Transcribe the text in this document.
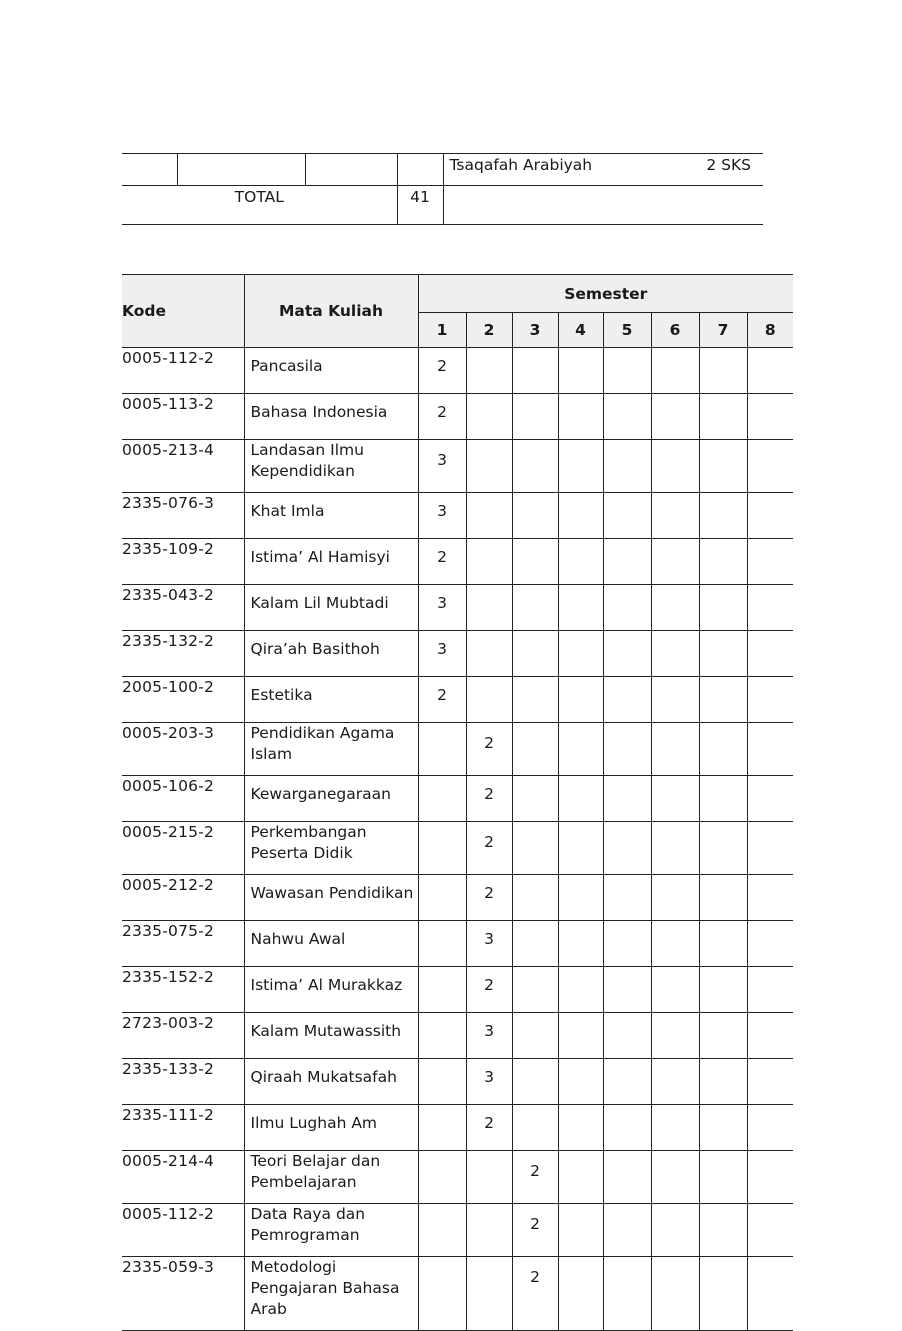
				Tsaqafah Arabiyah 2 SKS

TOTAL			41	
Kode	Mata Kuliah	Semester							
		1	2	3	4	5	6	7	8
0005-112-2	Pancasila	2							
0005-113-2	Bahasa Indonesia	2							
0005-213-4	Landasan Ilmu Kependidikan	3							
2335-076-3	Khat Imla	3							
2335-109-2	Istima’ Al Hamisyi	2							
2335-043-2	Kalam Lil Mubtadi	3							
2335-132-2	Qira’ah Basithoh	3							
2005-100-2	Estetika	2							
0005-203-3	Pendidikan Agama Islam		2						
0005-106-2	Kewarganegaraan		2						
0005-215-2	Perkembangan Peserta Didik		2						
0005-212-2	Wawasan Pendidikan		2						
2335-075-2	Nahwu Awal		3						
2335-152-2	Istima’ Al Murakkaz		2						
2723-003-2	Kalam Mutawassith		3						
2335-133-2	Qiraah Mukatsafah		3						
2335-111-2	Ilmu Lughah Am		2						
0005-214-4	Teori Belajar dan Pembelajaran			2					
0005-112-2	Data Raya dan Pemrograman			2					
2335-059-3	Metodologi Pengajaran Bahasa Arab			2					
